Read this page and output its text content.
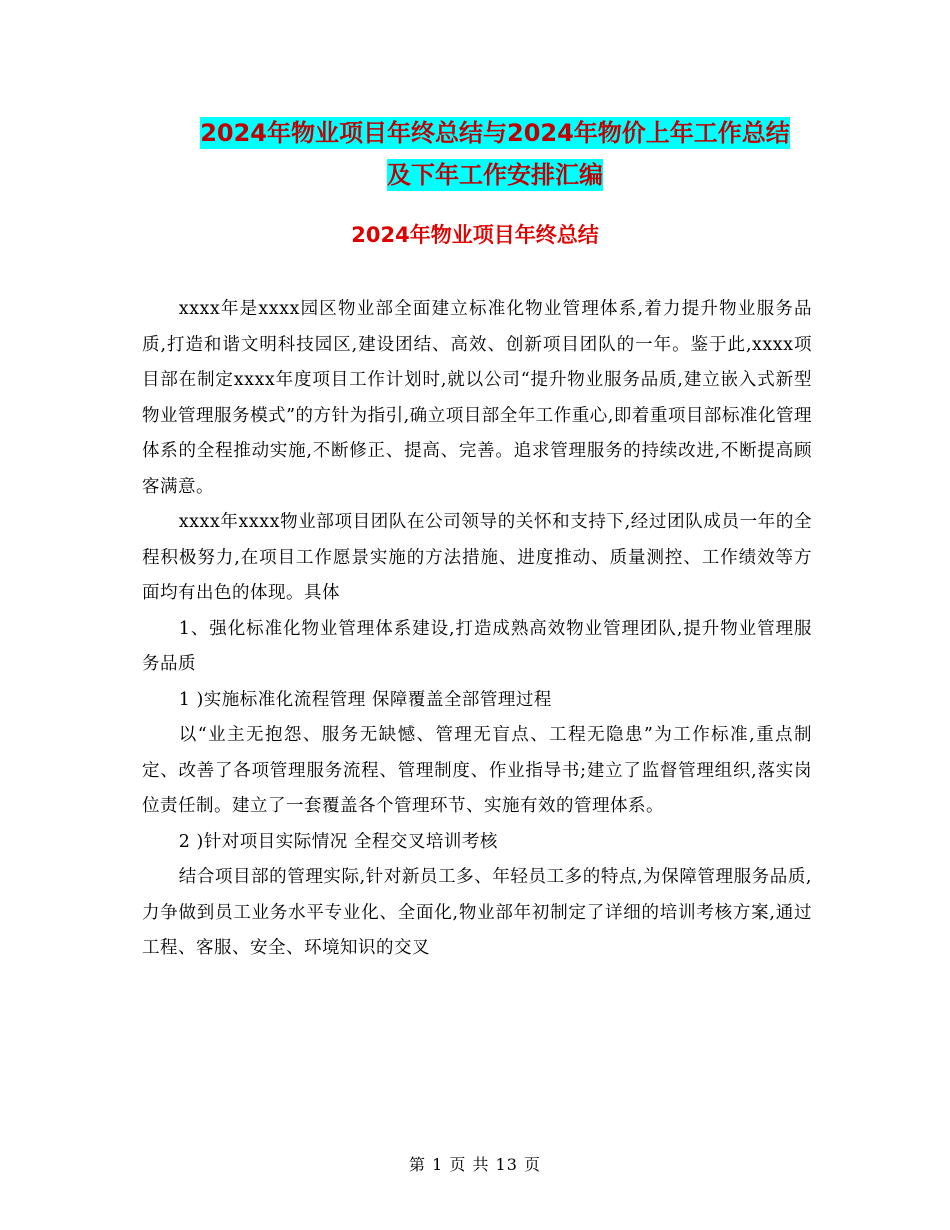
2024年物业项目年终总结与2024年物价上年工作总结
及下年工作安排汇编
2024年物业项目年终总结

xxxx年是xxxx园区物业部全面建立标准化物业管理体系,着力提升物业服务品质,打造和谐文明科技园区,建设团结、高效、创新项目团队的一年。鉴于此,xxxx项目部在制定xxxx年度项目工作计划时,就以公司“提升物业服务品质,建立嵌入式新型物业管理服务模式”的方针为指引,确立项目部全年工作重心,即着重项目部标准化管理体系的全程推动实施,不断修正、提高、完善。追求管理服务的持续改进,不断提高顾客满意。

xxxx年xxxx物业部项目团队在公司领导的关怀和支持下,经过团队成员一年的全程积极努力,在项目工作愿景实施的方法措施、进度推动、质量测控、工作绩效等方面均有出色的体现。具体

1、强化标准化物业管理体系建设,打造成熟高效物业管理团队,提升物业管理服务品质

1 )实施标准化流程管理 保障覆盖全部管理过程

以“业主无抱怨、服务无缺憾、管理无盲点、工程无隐患”为工作标准,重点制定、改善了各项管理服务流程、管理制度、作业指导书;建立了监督管理组织,落实岗位责任制。建立了一套覆盖各个管理环节、实施有效的管理体系。

2 )针对项目实际情况 全程交叉培训考核

结合项目部的管理实际,针对新员工多、年轻员工多的特点,为保障管理服务品质,力争做到员工业务水平专业化、全面化,物业部年初制定了详细的培训考核方案,通过工程、客服、安全、环境知识的交叉

第 1 页 共 13 页
